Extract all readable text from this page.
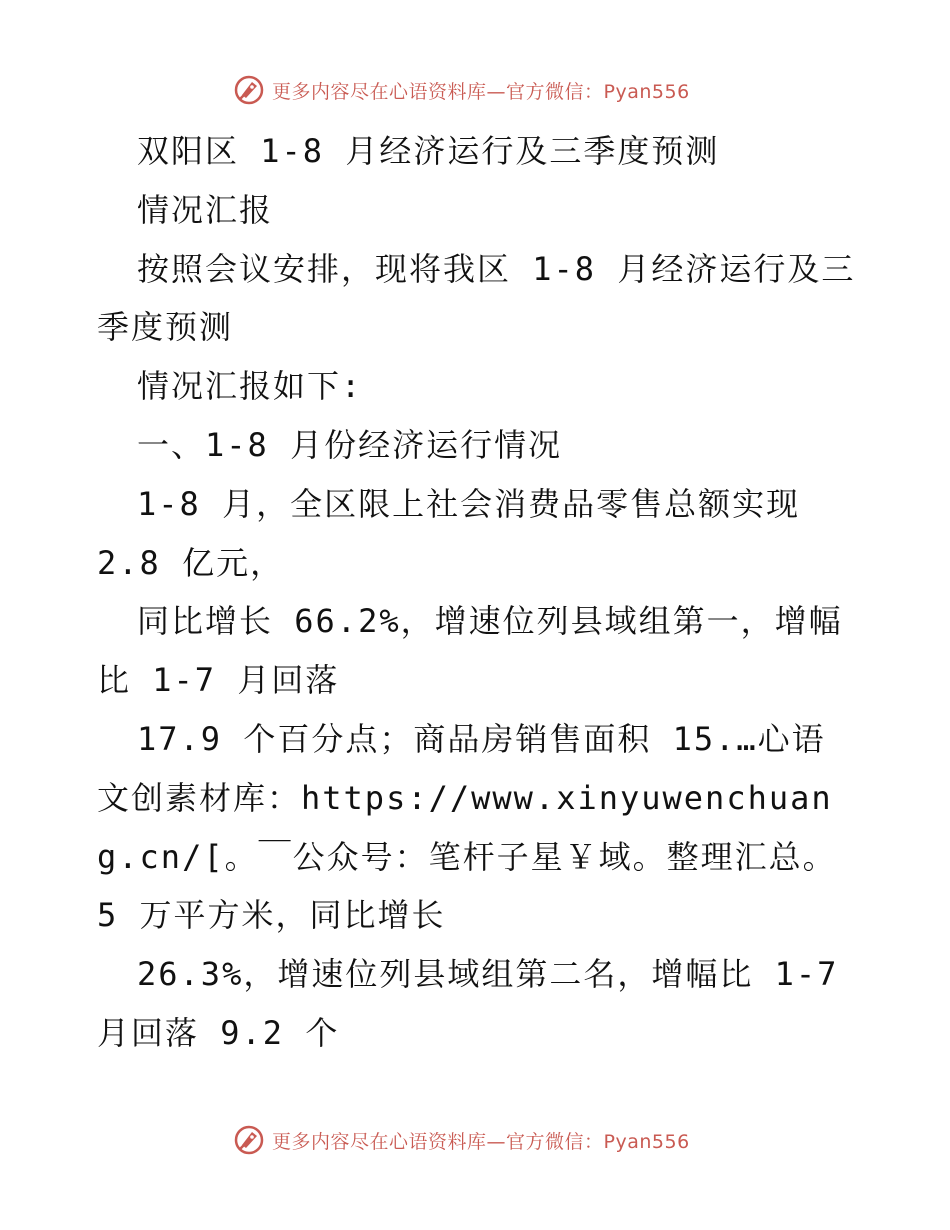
更多内容尽在心语资料库—官方微信：Pyan556

双阳区 1-8 月经济运行及三季度预测

情况汇报

按照会议安排，现将我区 1-8 月经济运行及三季度预测

情况汇报如下:

一、1-8 月份经济运行情况

1-8 月，全区限上社会消费品零售总额实现 2.8 亿元，

同比增长 66.2%，增速位列县域组第一，增幅比 1-7 月回落

17.9 个百分点；商品房销售面积 15.…心语文创素材库：https://www.xinyuwenchuang.cn/[。￣公众号：笔杆子星￥域。整理汇总。5 万平方米，同比增长

26.3%，增速位列县域组第二名，增幅比 1-7 月回落 9.2 个

更多内容尽在心语资料库—官方微信：Pyan556
